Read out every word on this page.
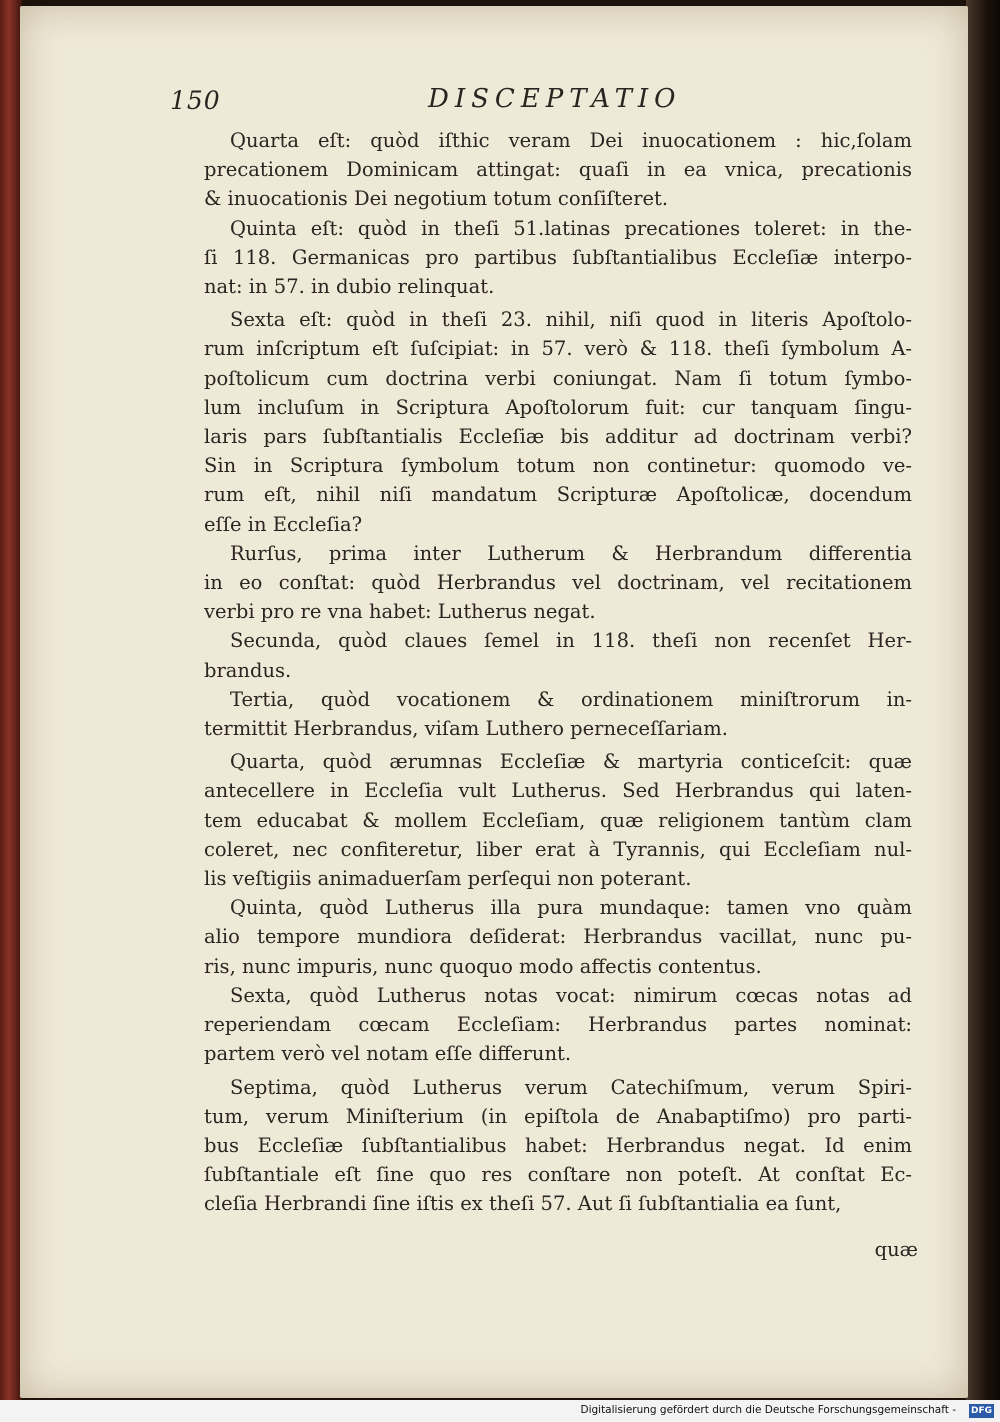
150	DISCEPTATIO
Quarta eſt: quòd iſthic veram Dei inuocationem : hic,ſolam
precationem Dominicam attingat: quaſi in ea vnica, precationis
& inuocationis Dei negotium totum conſiſteret.
Quinta eſt: quòd in theſi 51.latinas precationes toleret: in the-
ſi 118. Germanicas pro partibus ſubſtantialibus Eccleſiæ interpo-
nat: in 57. in dubio relinquat.
Sexta eſt: quòd in theſi 23. nihil, niſi quod in literis Apoſtolo-
rum inſcriptum eſt ſuſcipiat: in 57. verò & 118. theſi ſymbolum A-
poſtolicum cum doctrina verbi coniungat. Nam ſi totum ſymbo-
lum incluſum in Scriptura Apoſtolorum fuit: cur tanquam ſingu-
laris pars ſubſtantialis Eccleſiæ bis additur ad doctrinam verbi?
Sin in Scriptura ſymbolum totum non continetur: quomodo ve-
rum eſt, nihil niſi mandatum Scripturæ Apoſtolicæ, docendum
eſſe in Eccleſia?
Rurſus, prima inter Lutherum & Herbrandum differentia
in eo conſtat: quòd Herbrandus vel doctrinam, vel recitationem
verbi pro re vna habet: Lutherus negat.
Secunda, quòd claues ſemel in 118. theſi non recenſet Her-
brandus.
Tertia, quòd vocationem & ordinationem miniſtrorum in-
termittit Herbrandus, viſam Luthero perneceſſariam.
Quarta, quòd ærumnas Eccleſiæ & martyria conticeſcit: quæ
antecellere in Eccleſia vult Lutherus. Sed Herbrandus qui laten-
tem educabat & mollem Eccleſiam, quæ religionem tantùm clam
coleret, nec confiteretur, liber erat à Tyrannis, qui Eccleſiam nul-
lis veſtigiis animaduerſam perſequi non poterant.
Quinta, quòd Lutherus illa pura mundaque: tamen vno quàm
alio tempore mundiora deſiderat: Herbrandus vacillat, nunc pu-
ris, nunc impuris, nunc quoquo modo affectis contentus.
Sexta, quòd Lutherus notas vocat: nimirum cœcas notas ad
reperiendam cœcam Eccleſiam: Herbrandus partes nominat:
partem verò vel notam eſſe differunt.
Septima, quòd Lutherus verum Catechiſmum, verum Spiri-
tum, verum Miniſterium (in epiſtola de Anabaptiſmo) pro parti-
bus Eccleſiæ ſubſtantialibus habet: Herbrandus negat. Id enim
ſubſtantiale eſt ſine quo res conſtare non poteſt. At conſtat Ec-
cleſia Herbrandi ſine iſtis ex theſi 57. Aut ſi ſubſtantialia ea ſunt,
quæ
Digitalisierung gefördert durch die Deutsche Forschungsgemeinschaft - DFG
